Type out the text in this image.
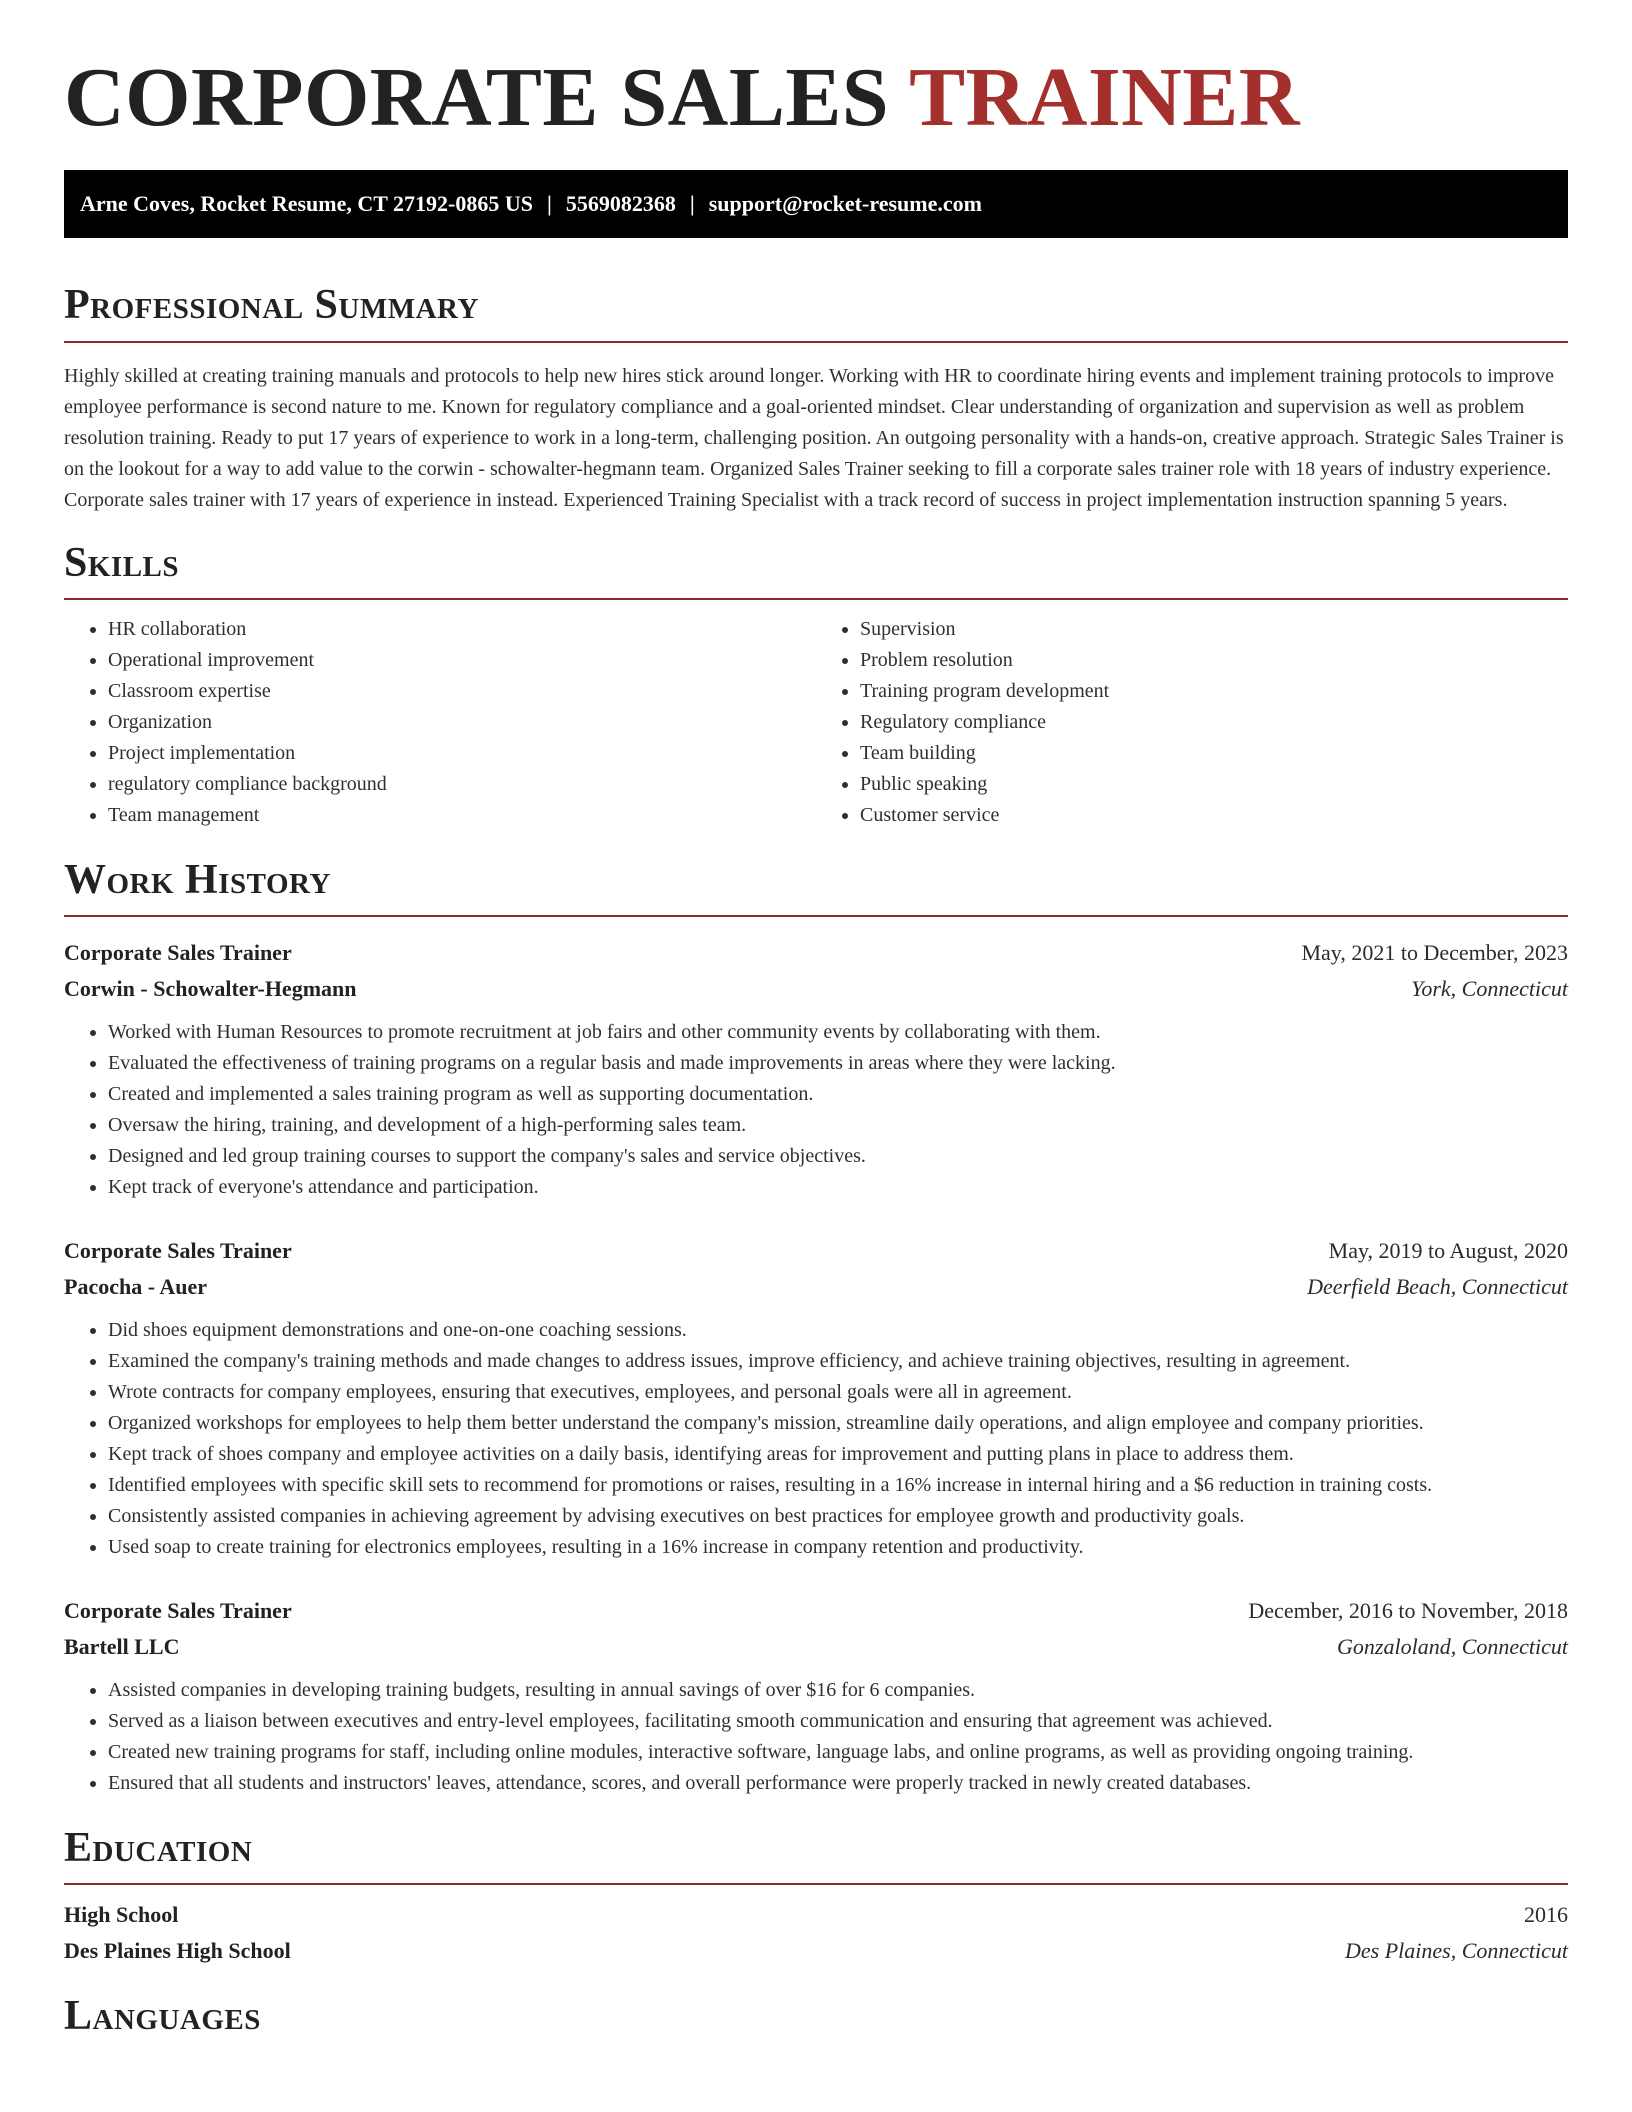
CORPORATE SALES TRAINER
Arne Coves, Rocket Resume, CT 27192-0865 US | 5569082368 | support@rocket-resume.com
Professional Summary

Highly skilled at creating training manuals and protocols to help new hires stick around longer. Working with HR to coordinate hiring events and implement training protocols to improve employee performance is second nature to me. Known for regulatory compliance and a goal-oriented mindset. Clear understanding of organization and supervision as well as problem resolution training. Ready to put 17 years of experience to work in a long-term, challenging position. An outgoing personality with a hands-on, creative approach. Strategic Sales Trainer is on the lookout for a way to add value to the corwin - schowalter-hegmann team. Organized Sales Trainer seeking to fill a corporate sales trainer role with 18 years of industry experience. Corporate sales trainer with 17 years of experience in instead. Experienced Training Specialist with a track record of success in project implementation instruction spanning 5 years.

Skills
• HR collaboration
• Operational improvement
• Classroom expertise
• Organization
• Project implementation
• regulatory compliance background
• Team management
• Supervision
• Problem resolution
• Training program development
• Regulatory compliance
• Team building
• Public speaking
• Customer service
Work History
Corporate Sales Trainer	May, 2021 to December, 2023
Corwin - Schowalter-Hegmann	York, Connecticut
• Worked with Human Resources to promote recruitment at job fairs and other community events by collaborating with them.
• Evaluated the effectiveness of training programs on a regular basis and made improvements in areas where they were lacking.
• Created and implemented a sales training program as well as supporting documentation.
• Oversaw the hiring, training, and development of a high-performing sales team.
• Designed and led group training courses to support the company's sales and service objectives.
• Kept track of everyone's attendance and participation.
Corporate Sales Trainer	May, 2019 to August, 2020
Pacocha - Auer	Deerfield Beach, Connecticut
• Did shoes equipment demonstrations and one-on-one coaching sessions.
• Examined the company's training methods and made changes to address issues, improve efficiency, and achieve training objectives, resulting in agreement.
• Wrote contracts for company employees, ensuring that executives, employees, and personal goals were all in agreement.
• Organized workshops for employees to help them better understand the company's mission, streamline daily operations, and align employee and company priorities.
• Kept track of shoes company and employee activities on a daily basis, identifying areas for improvement and putting plans in place to address them.
• Identified employees with specific skill sets to recommend for promotions or raises, resulting in a 16% increase in internal hiring and a $6 reduction in training costs.
• Consistently assisted companies in achieving agreement by advising executives on best practices for employee growth and productivity goals.
• Used soap to create training for electronics employees, resulting in a 16% increase in company retention and productivity.
Corporate Sales Trainer	December, 2016 to November, 2018
Bartell LLC	Gonzaloland, Connecticut
• Assisted companies in developing training budgets, resulting in annual savings of over $16 for 6 companies.
• Served as a liaison between executives and entry-level employees, facilitating smooth communication and ensuring that agreement was achieved.
• Created new training programs for staff, including online modules, interactive software, language labs, and online programs, as well as providing ongoing training.
• Ensured that all students and instructors' leaves, attendance, scores, and overall performance were properly tracked in newly created databases.
Education
High School	2016
Des Plaines High School	Des Plaines, Connecticut
Languages
